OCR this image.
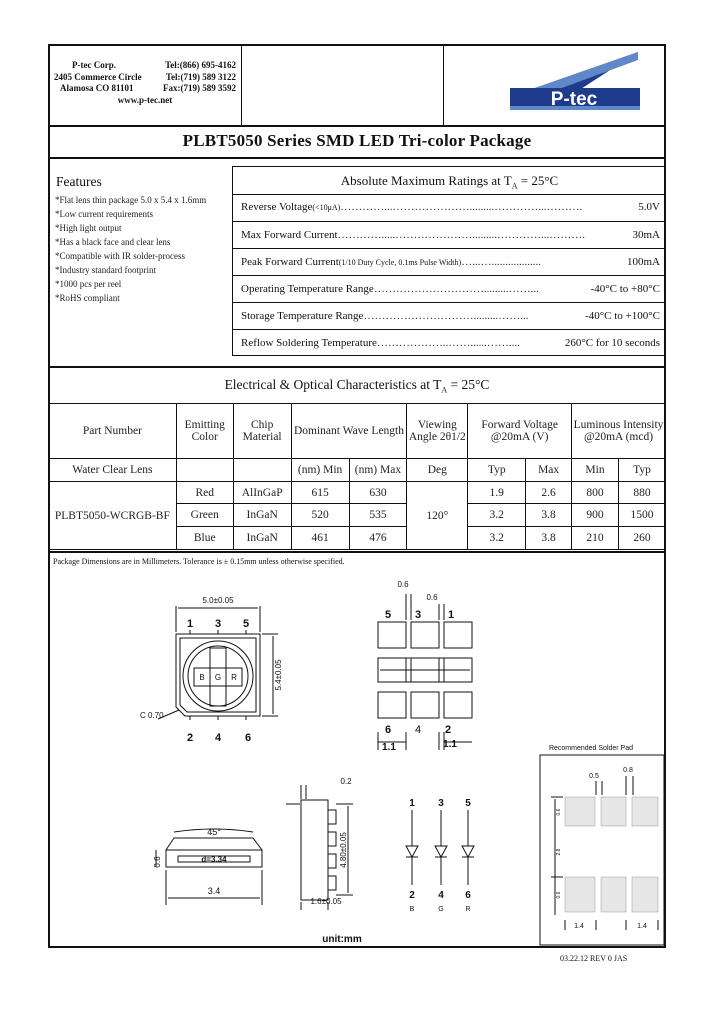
P-tec Corp.	Tel:(866) 695-4162
2405 Commerce Circle	Tel:(719) 589 3122
Alamosa CO 81101	Fax:(719) 589 3592
www.p-tec.net	P-tec
PLBT5050 Series SMD LED Tri-color Package
Features
*Flat lens thin package 5.0 x 5.4 x 1.6mm
*Low current requirements
*High light output
*Has a black face and clear lens
*Compatible with IR solder-process
*Industry standard footprint
*1000 pcs per reel
*RoHS compliant
Absolute Maximum Ratings at $T_A = 25^\circ C$
Reverse Voltage (<10μA) …………...………………….........…………...……….	5.0V
Max Forward Current ………….....………………….........…………...……….	30mA
Peak Forward Current (1/10 Duty Cycle, 0.1ms Pulse Width) …...…..................	100mA
Operating Temperature Range ………………………….........……...	-40°C to +80°C
Storage Temperature Range ………………………….........……...	-40°C to +100°C
Reflow Soldering Temperature ………………..……......……....	260°C for 10 seconds
Electrical & Optical Characteristics at $T_A = 25^\circ C$
Part Number	Emitting Color	Chip Material	Dominant Wave Length		Viewing Angle 2θ1/2	Forward Voltage @20mA (V)		Luminous Intensity @20mA (mcd)	
Water Clear Lens			(nm) Min	(nm) Max	Deg	Typ	Max	Min	Typ
PLBT5050-WCRGB-BF	Red	AlInGaP	615	630	120°	1.9	2.6	800	880
	Green	InGaN	520	535		3.2	3.8	900	1500
	Blue	InGaN	461	476		3.2	3.8	210	260
Package Dimensions are in Millimeters. Tolerance is ± 0.15mm unless otherwise specified.
5.0±0.05
1 3 5
2 4 6
B G R
C 0.70
5.4±0.05
0.6
0.6
5 3 1
6 4 2
1.1	1.1
45°
d=3.34
0.6
3.4
0.2
4.80±0.05
1.6±0.05
1 3 5
2 4 6
B	G	R
unit:mm
Recommended Solder Pad
0.5
0.8
0.6
2.8
0.6
1.4	1.4
03.22.12 REV 0 JAS
